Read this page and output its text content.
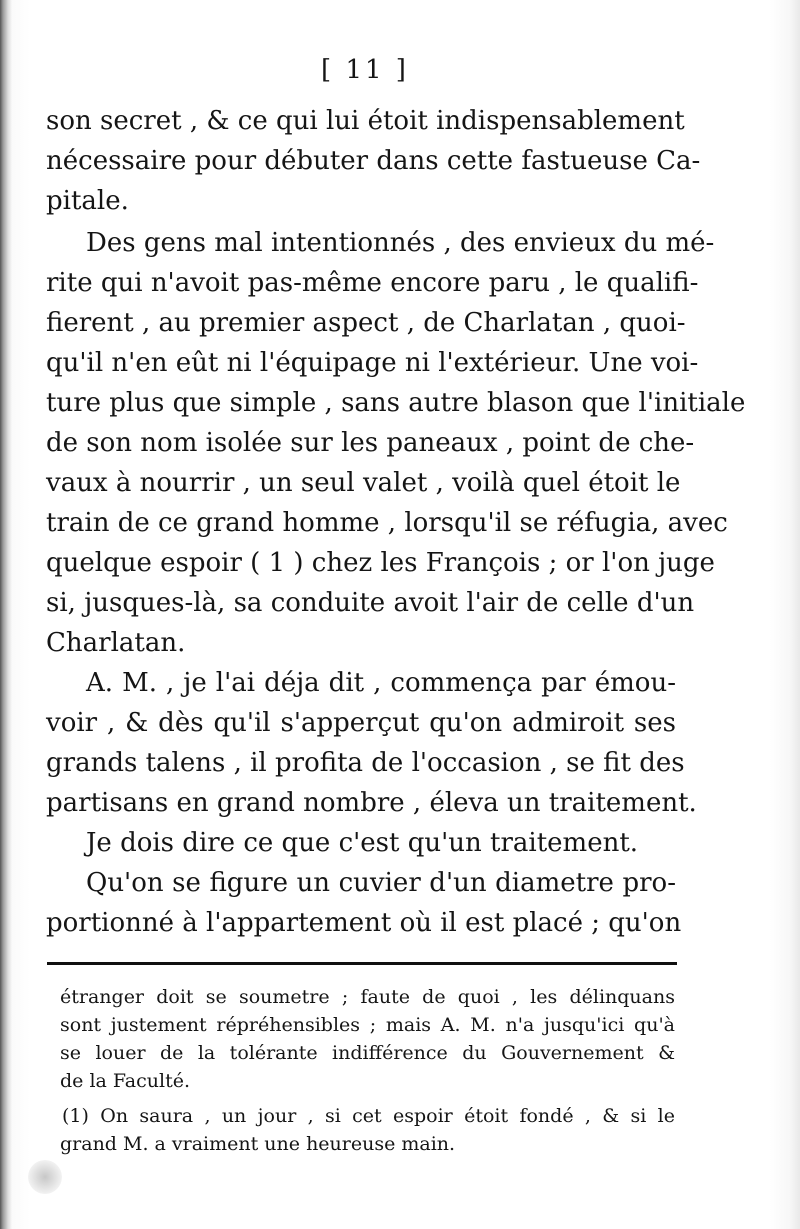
[ 11 ]
son secret , & ce qui lui étoit indispensablement
nécessaire pour débuter dans cette fastueuse Ca-
pitale.
Des gens mal intentionnés , des envieux du mé-
rite qui n'avoit pas-même encore paru , le qualifi-
fierent , au premier aspect , de Charlatan , quoi-
qu'il n'en eût ni l'équipage ni l'extérieur. Une voi-
ture plus que simple , sans autre blason que l'initiale
de son nom isolée sur les paneaux , point de che-
vaux à nourrir , un seul valet , voilà quel étoit le
train de ce grand homme , lorsqu'il se réfugia, avec
quelque espoir ( 1 ) chez les François ; or l'on juge
si, jusques-là, sa conduite avoit l'air de celle d'un
Charlatan.
A. M. , je l'ai déja dit , commença par émou-
voir , & dès qu'il s'apperçut qu'on admiroit ses
grands talens , il profita de l'occasion , se fit des
partisans en grand nombre , éleva un traitement.
Je dois dire ce que c'est qu'un traitement.
Qu'on se figure un cuvier d'un diametre pro-
portionné à l'appartement où il est placé ; qu'on
étranger doit se soumetre ; faute de quoi , les délinquans
sont justement répréhensibles ; mais A. M. n'a jusqu'ici qu'à
se louer de la tolérante indifférence du Gouvernement &
de la Faculté.
(1) On saura , un jour , si cet espoir étoit fondé , & si le
grand M. a vraiment une heureuse main.
